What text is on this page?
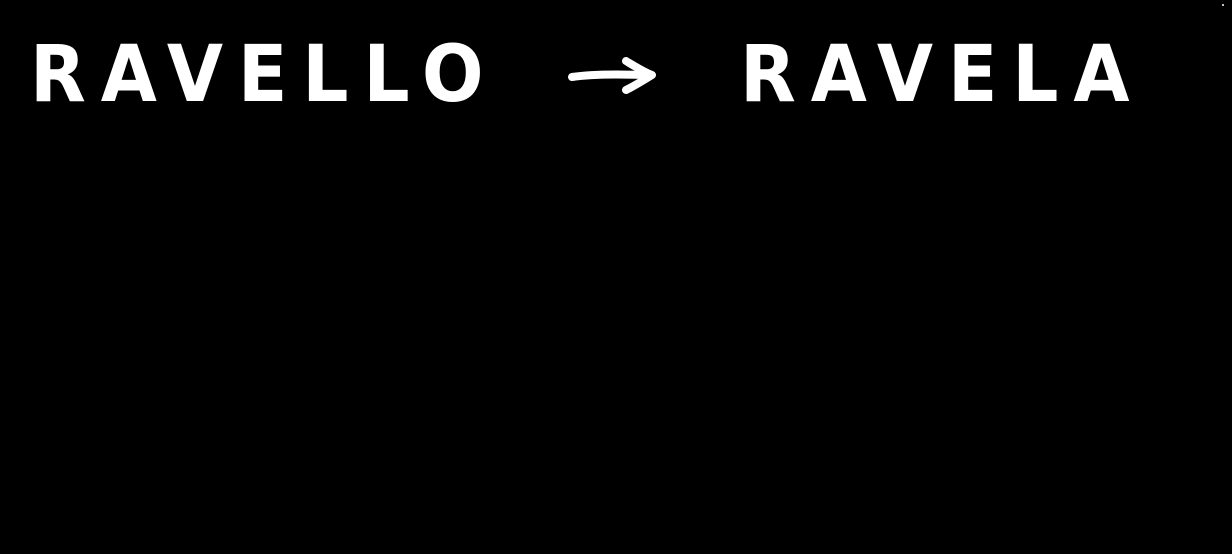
RAVELLO	RAVELA
